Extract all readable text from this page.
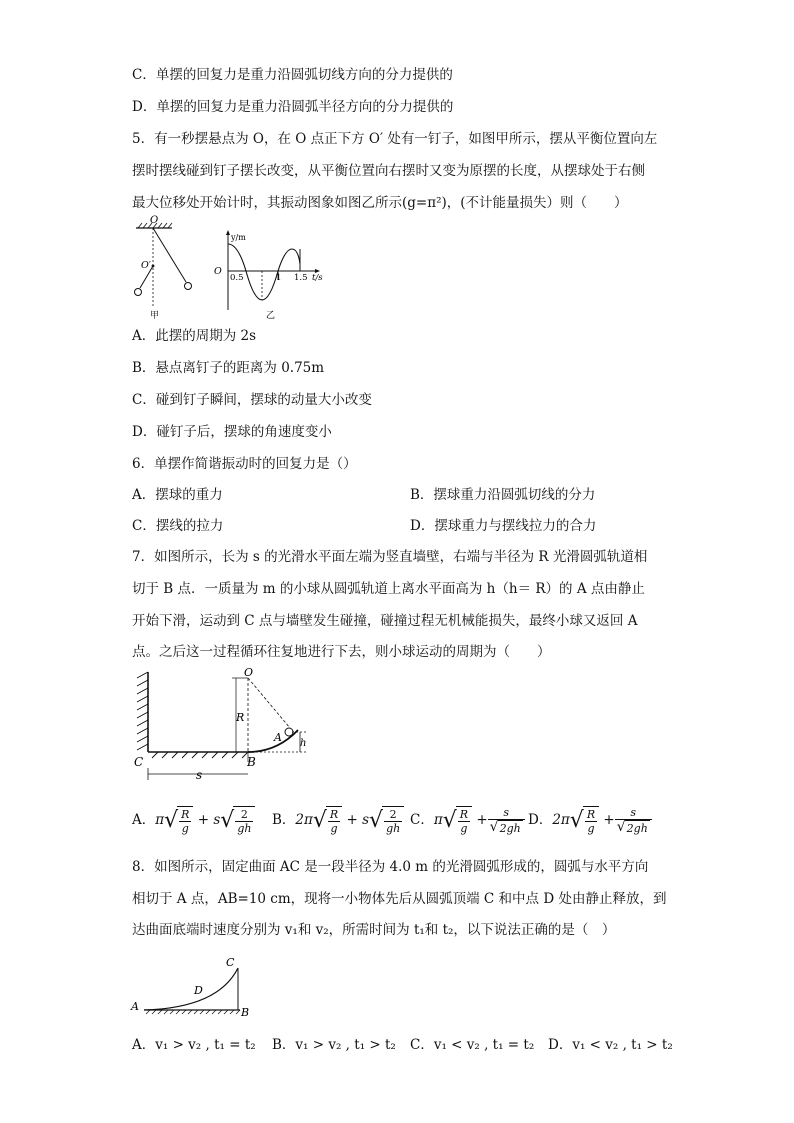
C．单摆的回复力是重力沿圆弧切线方向的分力提供的
D．单摆的回复力是重力沿圆弧半径方向的分力提供的
5．有一秒摆悬点为 O，在 O 点正下方 O′ 处有一钉子，如图甲所示，摆从平衡位置向左
摆时摆线碰到钉子摆长改变，从平衡位置向右摆时又变为原摆的长度，从摆球处于右侧
最大位移处开始计时，其振动图象如图乙所示(g=π²)，(不计能量损失）则（　　）
O
O′
甲
y/m
O
0.5	1 1.5 t/s
乙
A．此摆的周期为 2s
B．悬点离钉子的距离为 0.75m
C．碰到钉子瞬间，摆球的动量大小改变
D．碰钉子后，摆球的角速度变小
6．单摆作简谐振动时的回复力是（）
A．摆球的重力	B．摆球重力沿圆弧切线的分力
C．摆线的拉力	D．摆球重力与摆线拉力的合力
7．如图所示，长为 s 的光滑水平面左端为竖直墙壁，右端与半径为 R 光滑圆弧轨道相
切于 B 点．一质量为 m 的小球从圆弧轨道上离水平面高为 h（h＝ R）的 A 点由静止
开始下滑，运动到 C 点与墙壁发生碰撞，碰撞过程无机械能损失，最终小球又返回 A
点。之后这一过程循环往复地进行下去，则小球运动的周期为（　　）
O
R
A h
C	B
s
A．$\pi√ \frac{R}{g} + s√ \frac{2}{gh}$ B．$2\pi√ \frac{R}{g} + s√ \frac{2}{gh}$ C．$\pi√ \frac{R}{g} + \frac{s}{√2gh}$ D．$2\pi√ \frac{R}{g} + \frac{s}{√2gh}$
8．如图所示，固定曲面 AC 是一段半径为 4.0 m 的光滑圆弧形成的，圆弧与水平方向
相切于 A 点，AB=10 cm，现将一小物体先后从圆弧顶端 C 和中点 D 处由静止释放，到
达曲面底端时速度分别为 v₁和 v₂，所需时间为 t₁和 t₂，以下说法正确的是（　）
C
D
A	B
A．v₁ > v₂ , t₁ = t₂ B．v₁ > v₂ , t₁ > t₂ C．v₁ < v₂ , t₁ = t₂ D．v₁ < v₂ , t₁ > t₂
